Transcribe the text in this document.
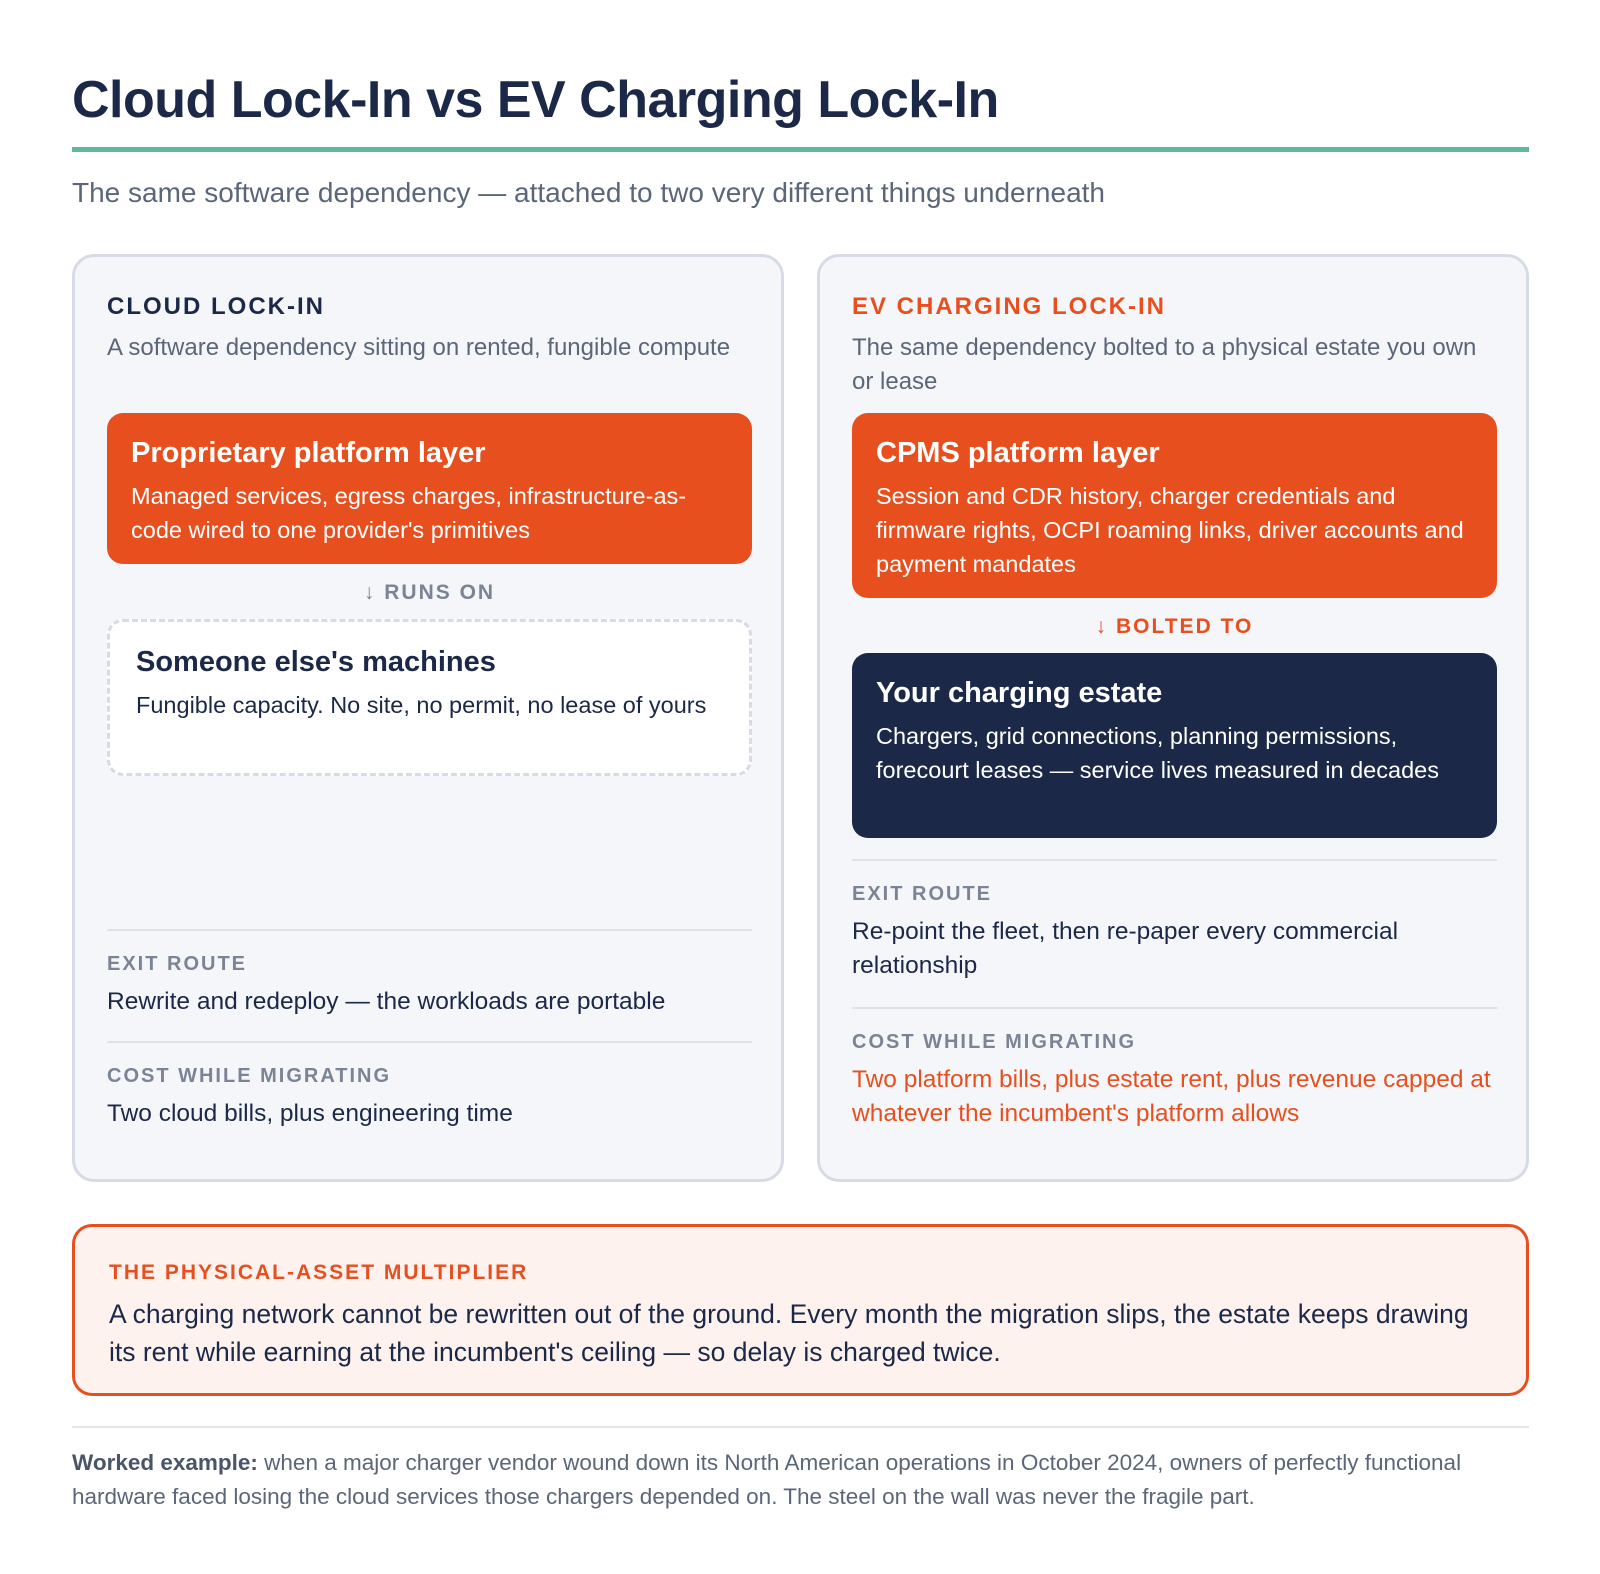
Cloud Lock-In vs EV Charging Lock-In

The same software dependency — attached to two very different things underneath

CLOUD LOCK-IN
A software dependency sitting on rented, fungible compute
Proprietary platform layer
Managed services, egress charges, infrastructure-as-code wired to one provider's primitives
↓ RUNS ON
Someone else's machines
Fungible capacity. No site, no permit, no lease of yours
EXIT ROUTE
Rewrite and redeploy — the workloads are portable
COST WHILE MIGRATING
Two cloud bills, plus engineering time
EV CHARGING LOCK-IN
The same dependency bolted to a physical estate you own or lease
CPMS platform layer
Session and CDR history, charger credentials and firmware rights, OCPI roaming links, driver accounts and payment mandates
↓ BOLTED TO
Your charging estate
Chargers, grid connections, planning permissions, forecourt leases — service lives measured in decades
EXIT ROUTE
Re-point the fleet, then re-paper every commercial relationship
COST WHILE MIGRATING
Two platform bills, plus estate rent, plus revenue capped at whatever the incumbent's platform allows
THE PHYSICAL-ASSET MULTIPLIER
A charging network cannot be rewritten out of the ground. Every month the migration slips, the estate keeps drawing its rent while earning at the incumbent's ceiling — so delay is charged twice.

Worked example: when a major charger vendor wound down its North American operations in October 2024, owners of perfectly functional hardware faced losing the cloud services those chargers depended on. The steel on the wall was never the fragile part.
